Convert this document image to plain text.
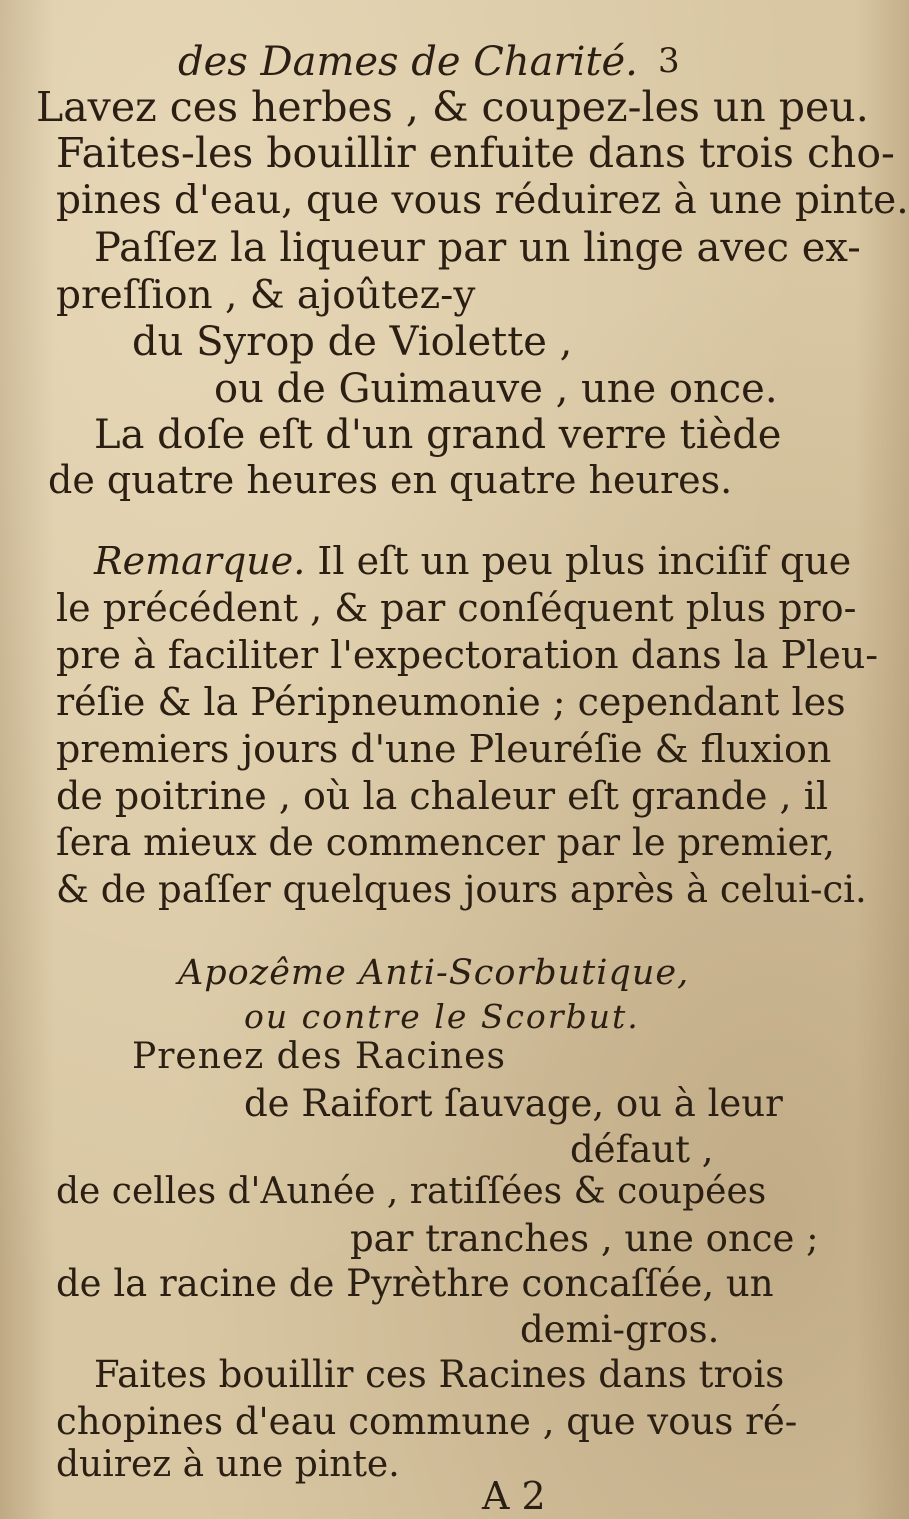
des Dames de Charité. 3
Lavez ces herbes , & coupez-les un peu.
Faites-les bouillir enfuite dans trois cho-
pines d'eau, que vous réduirez à une pinte.
Paſſez la liqueur par un linge avec ex-
preſſion , & ajoûtez-y
du Syrop de Violette ,
ou de Guimauve , une once.
La doſe eſt d'un grand verre tiède
de quatre heures en quatre heures.
Remarque. Il eſt un peu plus inciſif que
le précédent , & par conſéquent plus pro-
pre à faciliter l'expectoration dans la Pleu-
réſie & la Péripneumonie ; cependant les
premiers jours d'une Pleuréſie & fluxion
de poitrine , où la chaleur eſt grande , il
ſera mieux de commencer par le premier,
& de paſſer quelques jours après à celui-ci.
Apozême Anti-Scorbutique,
ou contre le Scorbut.
Prenez des Racines
de Raifort ſauvage, ou à leur
défaut ,
de celles d'Aunée , ratiſſées & coupées
par tranches , une once ;
de la racine de Pyrèthre concaſſée, un
demi-gros.
Faites bouillir ces Racines dans trois
chopines d'eau commune , que vous ré-
duirez à une pinte.
A 2
